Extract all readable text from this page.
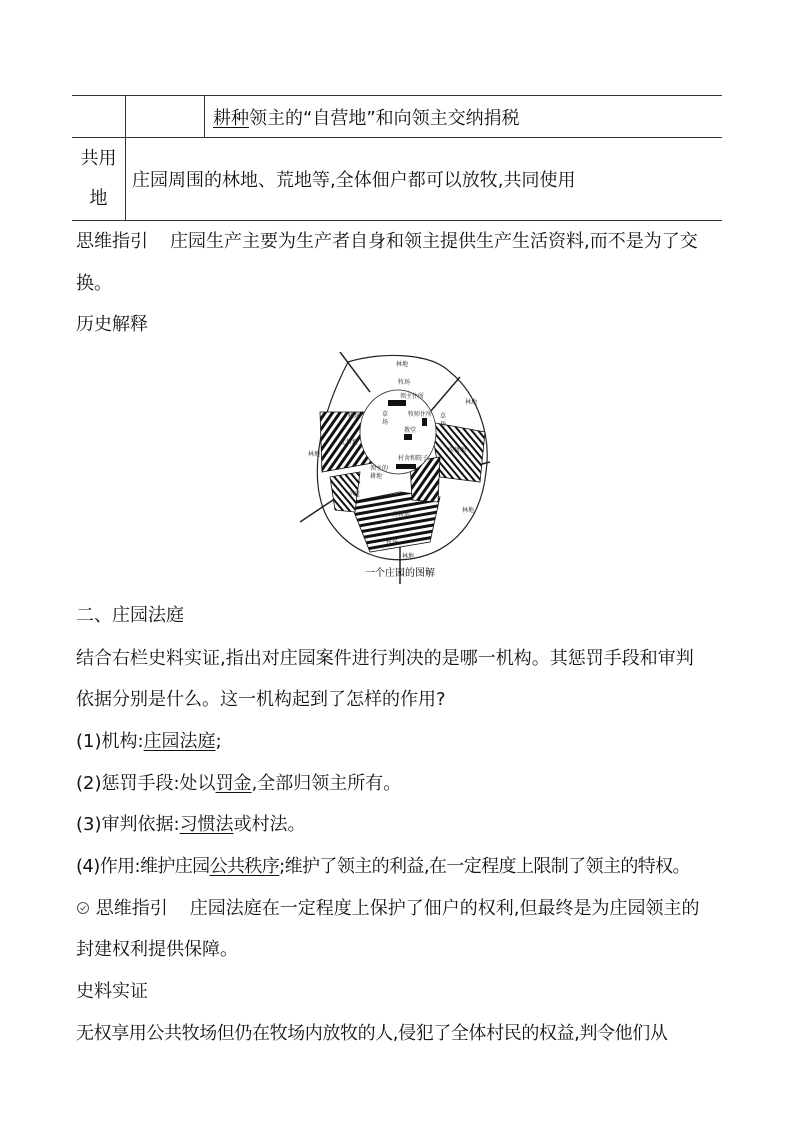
		耕种领主的“自营地”和向领主交纳捐税

共用
地	庄园周围的林地、荒地等,全体佃户都可以放牧,共同使用	
思维指引 庄园生产主要为生产者自身和领主提供生产生活资料,而不是为了交
换。
历史解释
林地
牧场
领主住所
林地
牧场	草
场
牧师住所
教堂
草
场
林地
北耕地
村舍和院子
领主的
耕地
东耕地
小道
南耕地
林地
牧场
林地
一个庄园的图解
二、庄园法庭
结合右栏史料实证,指出对庄园案件进行判决的是哪一机构。其惩罚手段和审判
依据分别是什么。这一机构起到了怎样的作用?
(1)机构:庄园法庭;
(2)惩罚手段:处以罚金,全部归领主所有。
(3)审判依据:习惯法或村法。
(4)作用:维护庄园公共秩序;维护了领主的利益,在一定程度上限制了领主的特权。
思维指引 庄园法庭在一定程度上保护了佃户的权利,但最终是为庄园领主的
封建权利提供保障。
史料实证
无权享用公共牧场但仍在牧场内放牧的人,侵犯了全体村民的权益,判令他们从
